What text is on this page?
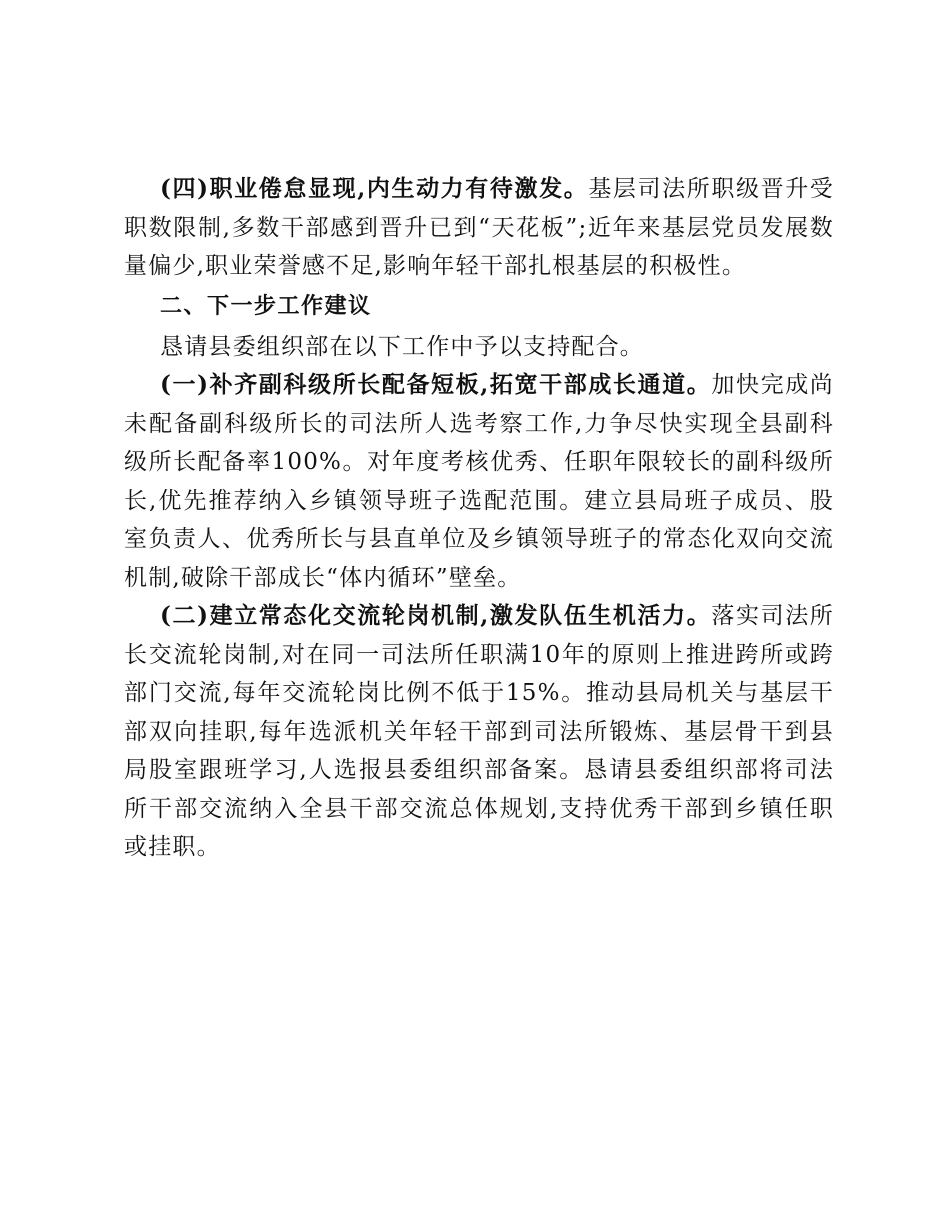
(四)职业倦怠显现,内生动力有待激发。基层司法所职级晋升受职数限制,多数干部感到晋升已到“天花板”;近年来基层党员发展数量偏少,职业荣誉感不足,影响年轻干部扎根基层的积极性。

二、下一步工作建议

恳请县委组织部在以下工作中予以支持配合。

(一)补齐副科级所长配备短板,拓宽干部成长通道。加快完成尚未配备副科级所长的司法所人选考察工作,力争尽快实现全县副科级所长配备率100%。对年度考核优秀、任职年限较长的副科级所长,优先推荐纳入乡镇领导班子选配范围。建立县局班子成员、股室负责人、优秀所长与县直单位及乡镇领导班子的常态化双向交流机制,破除干部成长“体内循环”壁垒。

(二)建立常态化交流轮岗机制,激发队伍生机活力。落实司法所长交流轮岗制,对在同一司法所任职满10年的原则上推进跨所或跨部门交流,每年交流轮岗比例不低于15%。推动县局机关与基层干部双向挂职,每年选派机关年轻干部到司法所锻炼、基层骨干到县局股室跟班学习,人选报县委组织部备案。恳请县委组织部将司法所干部交流纳入全县干部交流总体规划,支持优秀干部到乡镇任职或挂职。
